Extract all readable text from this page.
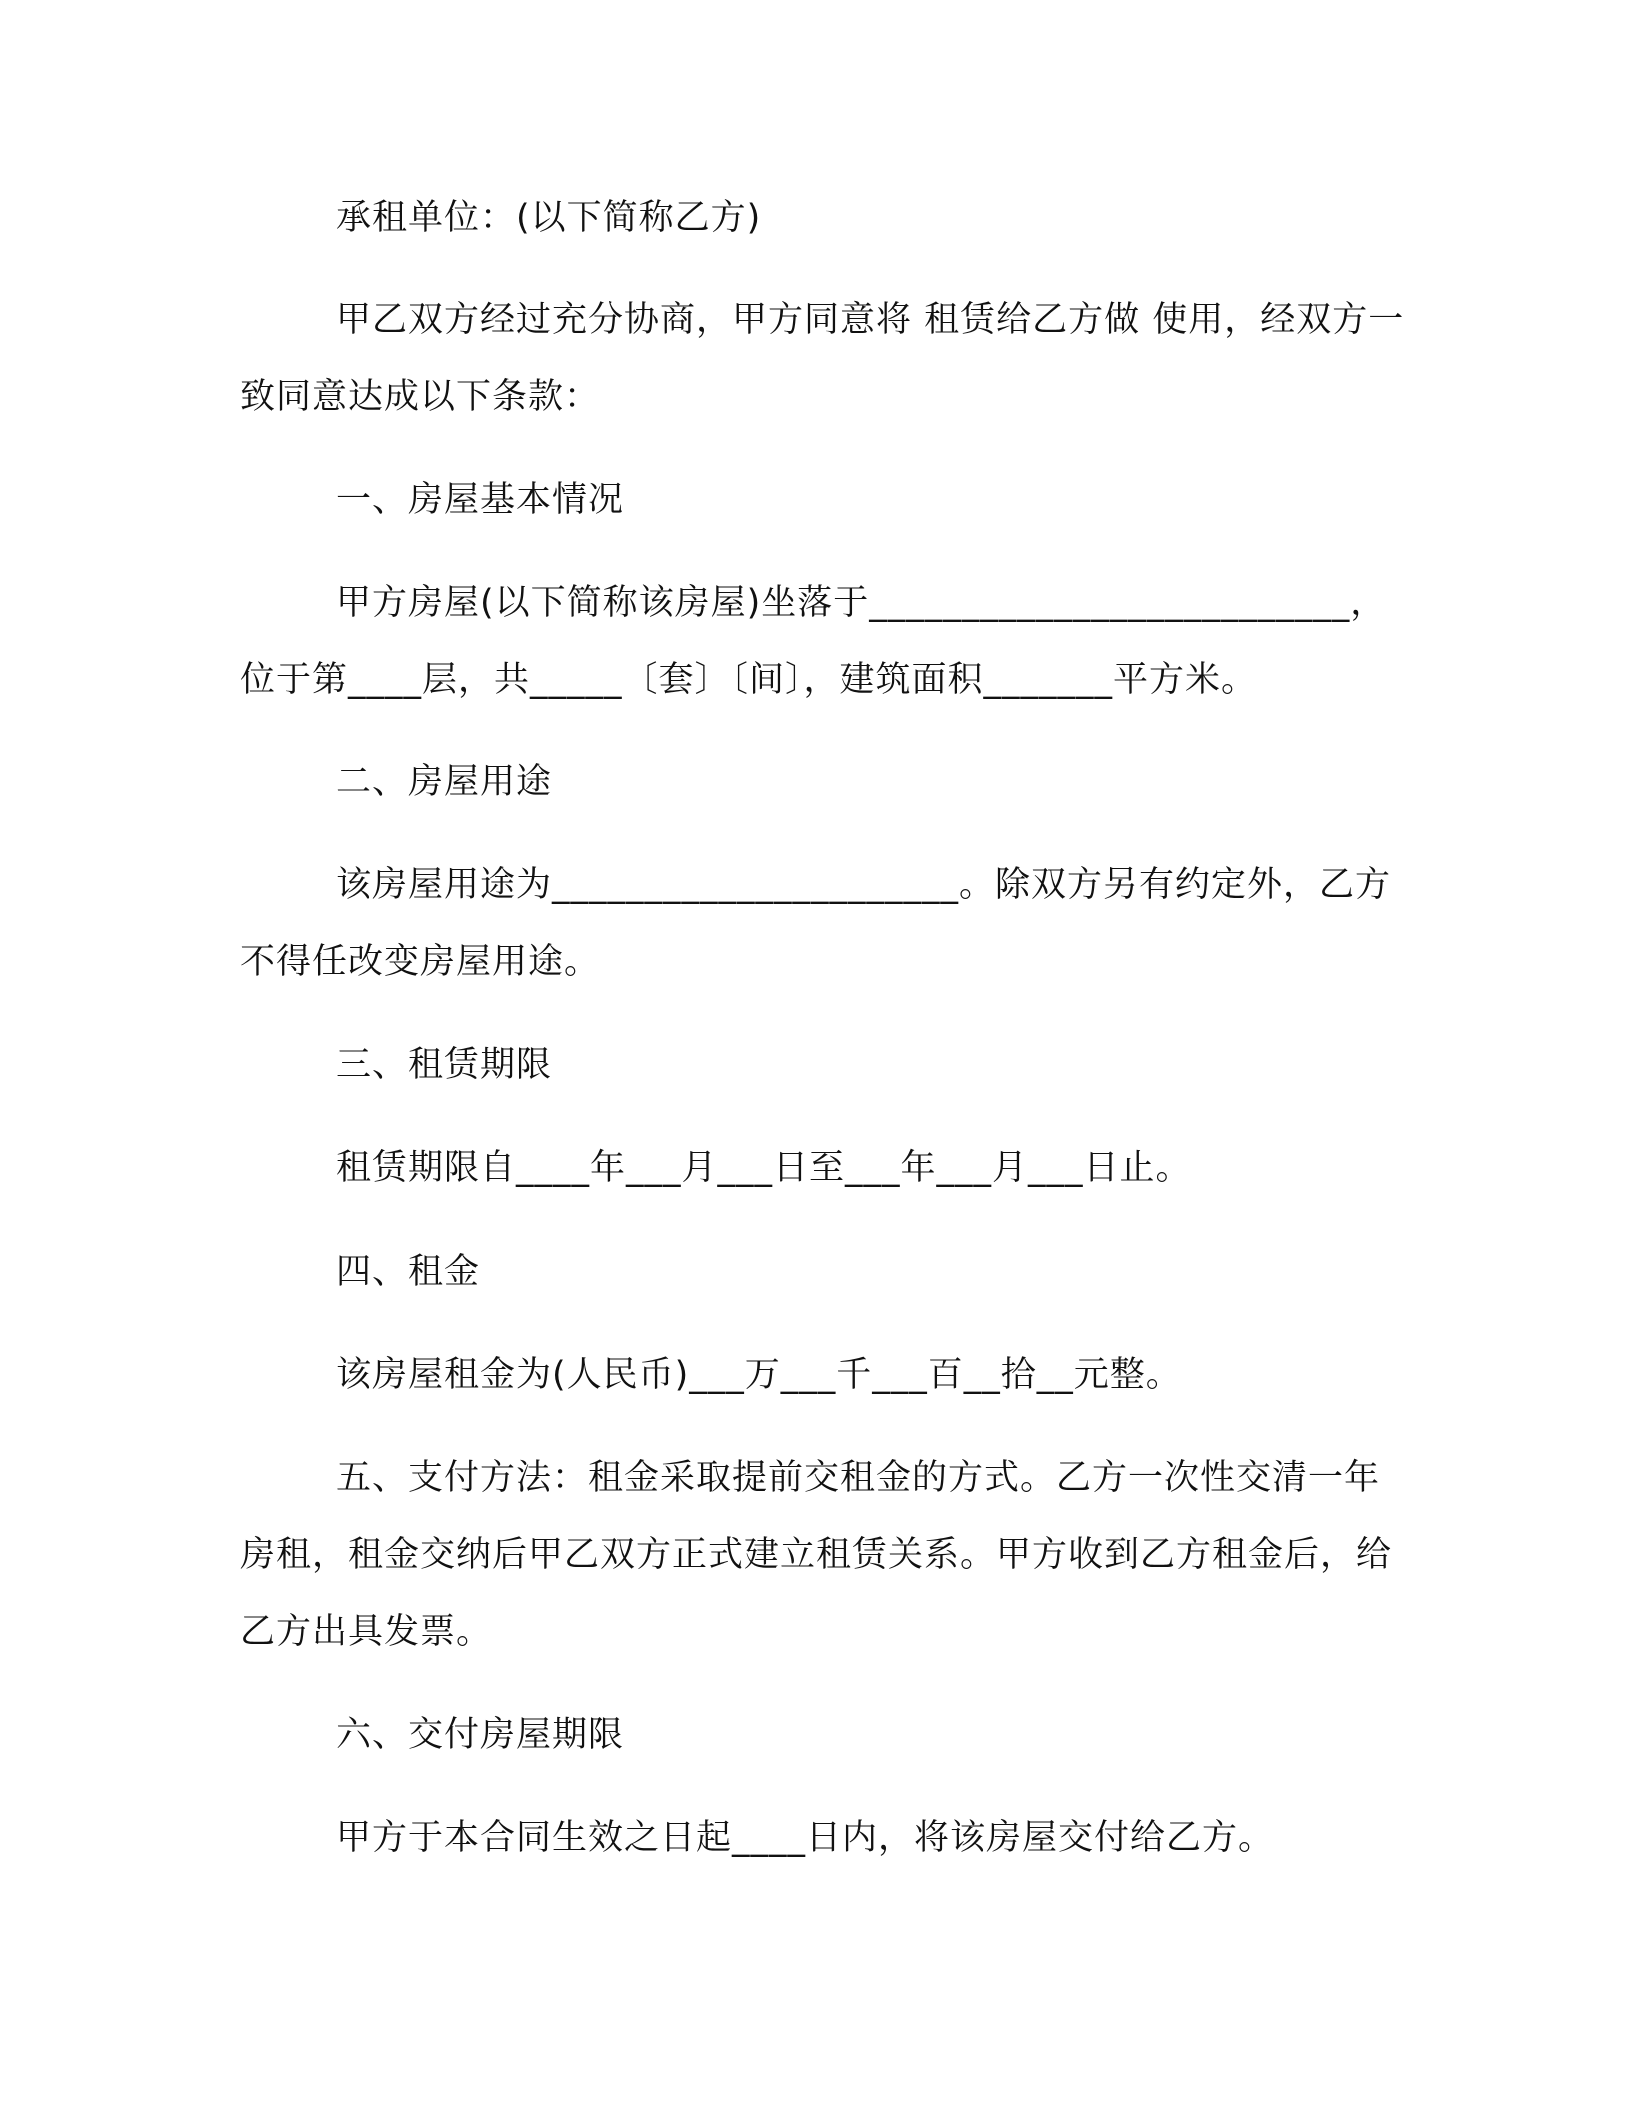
承租单位：(以下简称乙方)

甲乙双方经过充分协商，甲方同意将 租赁给乙方做 使用，经双方一致同意达成以下条款：

一、房屋基本情况

甲方房屋(以下简称该房屋)坐落于__________________________，位于第____层，共_____〔套〕〔间〕，建筑面积_______平方米。

二、房屋用途

该房屋用途为______________________。除双方另有约定外，乙方不得任改变房屋用途。

三、租赁期限

租赁期限自____年___月___日至___年___月___日止。

四、租金

该房屋租金为(人民币)___万___千___百__拾__元整。

五、支付方法：租金采取提前交租金的方式。乙方一次性交清一年房租，租金交纳后甲乙双方正式建立租赁关系。甲方收到乙方租金后，给乙方出具发票。

六、交付房屋期限

甲方于本合同生效之日起____日内，将该房屋交付给乙方。
